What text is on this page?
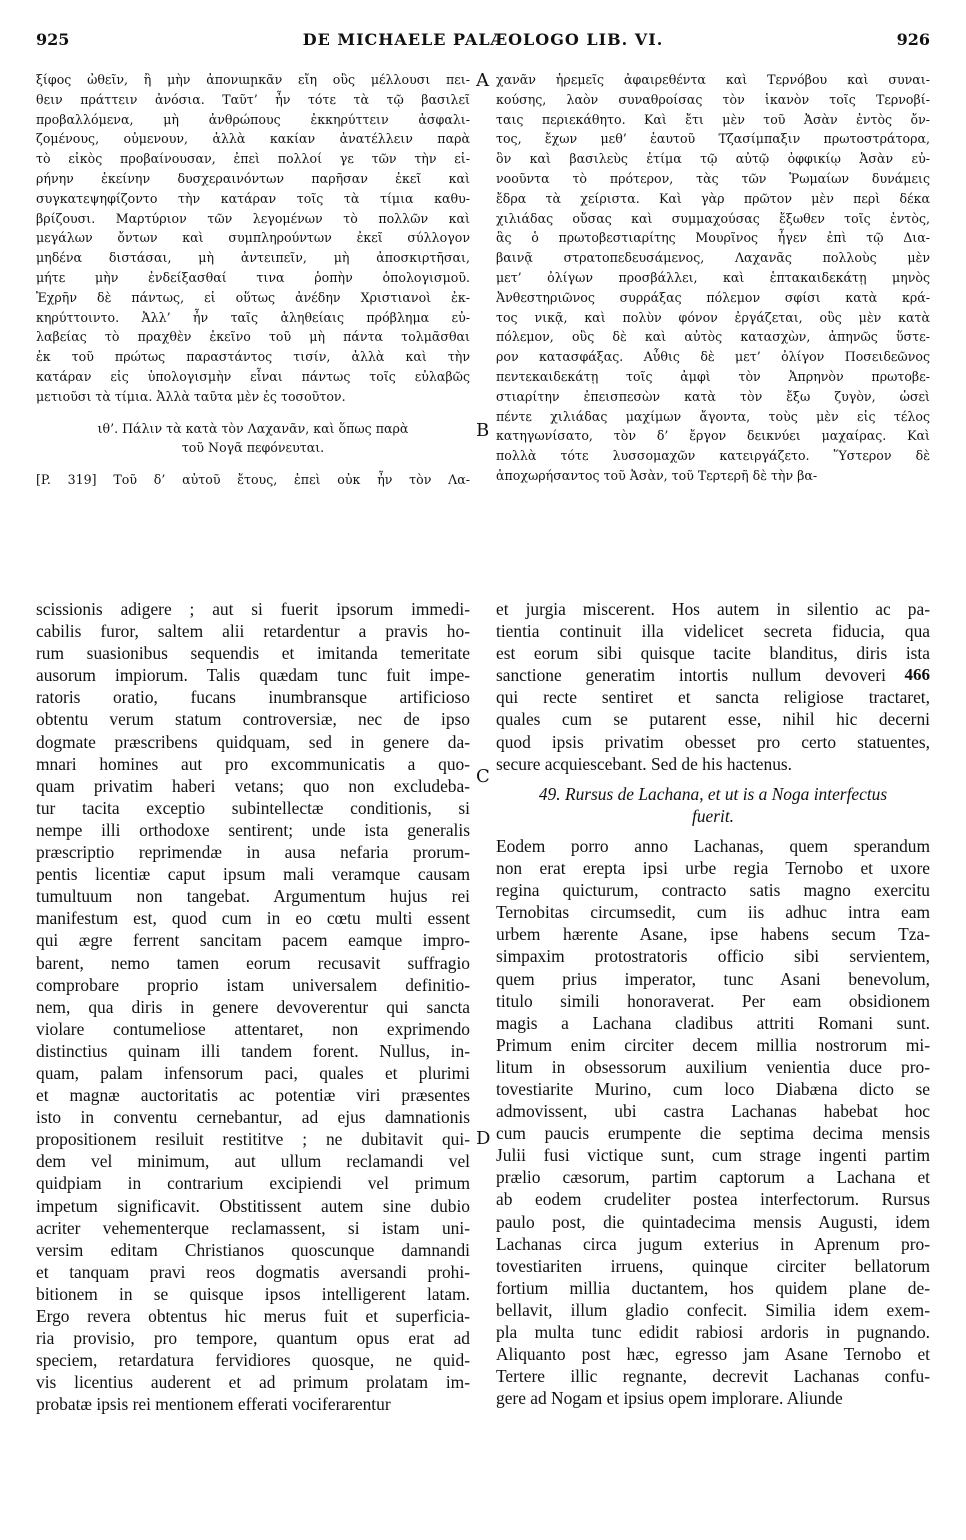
925	DE MICHAELE PALÆOLOGO LIB. VI.	926
ξίφος ὠθεῖν, ἢ μὴν ἀπονարκᾶν εἴη οὓς μέλλουσι πει-
θειν πράττειν ἀνόσια. Ταῦτ’ ἦν τότε τὰ τῷ βασιλεῖ
προβαλλόμενα, μὴ ἀνθρώπους ἐκκηρύττειν ἀσφαλι-
ζομένους, οὐμενουν, ἀλλὰ κακίαν ἀνατέλλειν παρὰ
τὸ εἰκὸς προβαίνουσαν, ἐπεὶ πολλοί γε τῶν τὴν εἰ-
ρήνην ἐκείνην δυσχεραινόντων παρῆσαν ἐκεῖ καὶ
συγκατεψηφίζοντο τὴν κατάραν τοῖς τὰ τίμια καθυ-
βρίζουσι. Μαρτύριον τῶν λεγομένων τὸ πολλῶν καὶ
μεγάλων ὄντων καὶ συμπληρούντων ἐκεῖ σύλλογον
μηδένα διστάσαι, μὴ ἀντειπεῖν, μὴ ἀποσκιρτῆσαι,
μήτε μὴν ἐνδείξασθαί τινα ῥοπὴν ὁπολογισμοῦ.
Ἐχρῆν δὲ πάντως, εἰ οὕτως ἀνέδην Χριστιανοὶ ἐκ-
κηρύττοιντο. Ἀλλ’ ἦν ταῖς ἀληθείαις πρόβλημα εὐ-
λαβείας τὸ πραχθὲν ἐκεῖνο τοῦ μὴ πάντα τολμᾶσθαι
ἐκ τοῦ πρώτως παραστάντος τισίν, ἀλλὰ καὶ τὴν
κατάραν εἰς ὑπολογισμὴν εἶναι πάντως τοῖς εὐλαβῶς
μετιοῦσι τὰ τίμια. Ἀλλὰ ταῦτα μὲν ἐς τοσοῦτον.
ιθ’. Πάλιν τὰ κατὰ τὸν Λαχανᾶν, καὶ ὅπως παρὰ
τοῦ Νογᾶ πεφόνευται.
[P. 319] Τοῦ δ’ αὐτοῦ ἔτους, ἐπεὶ οὐκ ἦν τὸν Λα-
χανᾶν ἡρεμεῖς ἀφαιρεθέντα καὶ Τερνόβου καὶ συναι-
κούσης, λαὸν συναθροίσας τὸν ἱκανὸν τοῖς Τερνοβί-
ταις περιεκάθητο. Καὶ ἔτι μὲν τοῦ Ἀσὰν ἐντὸς ὄν-
τος, ἔχων μεθ’ ἑαυτοῦ Τζασίμπαξιν πρωτοστράτορα,
ὃν καὶ βασιλεὺς ἐτίμα τῷ αὐτῷ ὀφφικίῳ Ἀσὰν εὐ-
νοοῦντα τὸ πρότερον, τὰς τῶν Ῥωμαίων δυνάμεις
ἔδρα τὰ χείριστα. Καὶ γὰρ πρῶτον μὲν περὶ δέκα
χιλιάδας οὔσας καὶ συμμαχούσας ἔξωθεν τοῖς ἐντὸς,
ἃς ὁ πρωτοβεστιαρίτης Μουρῖνος ἦγεν ἐπὶ τῷ Δια-
βαινᾷ στρατοπεδευσάμενος, Λαχανᾶς πολλοὺς μὲν
μετ’ ὀλίγων προσβάλλει, καὶ ἑπτακαιδεκάτῃ μηνὸς
Ἀνθεστηριῶνος συρράξας πόλεμον σφίσι κατὰ κρά-
τος νικᾷ, καὶ πολὺν φόνον ἐργάζεται, οὓς μὲν κατὰ
πόλεμον, οὓς δὲ καὶ αὐτὸς κατασχὼν, ἀπηνῶς ὕστε-
ρον κατασφάξας. Αὖθις δὲ μετ’ ὀλίγον Ποσειδεῶνος
πεντεκαιδεκάτῃ τοῖς ἀμφὶ τὸν Ἀπρηνὸν πρωτοβε-
στιαρίτην ἐπεισπεσὼν κατὰ τὸν ἔξω ζυγὸν, ὡσεὶ
πέντε χιλιάδας μαχίμων ἄγοντα, τοὺς μὲν εἰς τέλος
κατηγωνίσατο, τὸν δ’ ἔργον δεικνύει μαχαίρας. Καὶ
πολλὰ τότε λυσσομαχῶν κατειργάζετο. Ὕστερον δὲ
ἀποχωρήσαντος τοῦ Ἀσὰν, τοῦ Τερτερῆ δὲ τὴν βα-
scissionis adigere ; aut si fuerit ipsorum immedi-
cabilis furor, saltem alii retardentur a pravis ho-
rum suasionibus sequendis et imitanda temeritate
ausorum impiorum. Talis quædam tunc fuit impe-
ratoris oratio, fucans inumbransque artificioso
obtentu verum statum controversiæ, nec de ipso
dogmate præscribens quidquam, sed in genere da-
mnari homines aut pro excommunicatis a quo-
quam privatim haberi vetans; quo non excludeba-
tur tacita exceptio subintellectæ conditionis, si
nempe illi orthodoxe sentirent; unde ista generalis
præscriptio reprimendæ in ausa nefaria prorum-
pentis licentiæ caput ipsum mali veramque causam
tumultuum non tangebat. Argumentum hujus rei
manifestum est, quod cum in eo cœtu multi essent
qui ægre ferrent sancitam pacem eamque impro-
barent, nemo tamen eorum recusavit suffragio
comprobare proprio istam universalem definitio-
nem, qua diris in genere devoverentur qui sancta
violare contumeliose attentaret, non exprimendo
distinctius quinam illi tandem forent. Nullus, in-
quam, palam infensorum paci, quales et plurimi
et magnæ auctoritatis ac potentiæ viri præsentes
isto in conventu cernebantur, ad ejus damnationis
propositionem resiluit restititve ; ne dubitavit qui-
dem vel minimum, aut ullum reclamandi vel
quidpiam in contrarium excipiendi vel primum
impetum significavit. Obstitissent autem sine dubio
acriter vehementerque reclamassent, si istam uni-
versim editam Christianos quoscunque damnandi
et tanquam pravi reos dogmatis aversandi prohi-
bitionem in se quisque ipsos intelligerent latam.
Ergo revera obtentus hic merus fuit et superficia-
ria provisio, pro tempore, quantum opus erat ad
speciem, retardatura fervidiores quosque, ne quid-
vis licentius auderent et ad primum prolatam im-
probatæ ipsis rei mentionem efferati vociferarentur
et jurgia miscerent. Hos autem in silentio ac pa-
tientia continuit illa videlicet secreta fiducia, qua
est eorum sibi quisque tacite blanditus, diris ista
sanctione generatim intortis nullum devoveri
qui recte sentiret et sancta religiose tractaret,
quales cum se putarent esse, nihil hic decerni
quod ipsis privatim obesset pro certo statuentes,
secure acquiescebant. Sed de his hactenus.
49. Rursus de Lachana, et ut is a Noga interfectus
fuerit.
Eodem porro anno Lachanas, quem sperandum
non erat erepta ipsi urbe regia Ternobo et uxore
regina quicturum, contracto satis magno exercitu
Ternobitas circumsedit, cum iis adhuc intra eam
urbem hærente Asane, ipse habens secum Tza-
simpaxim protostratoris officio sibi servientem,
quem prius imperator, tunc Asani benevolum,
titulo simili honoraverat. Per eam obsidionem
magis a Lachana cladibus attriti Romani sunt.
Primum enim circiter decem millia nostrorum mi-
litum in obsessorum auxilium venientia duce pro-
tovestiarite Murino, cum loco Diabæna dicto se
admovissent, ubi castra Lachanas habebat hoc
cum paucis erumpente die septima decima mensis
Julii fusi victique sunt, cum strage ingenti partim
prælio cæsorum, partim captorum a Lachana et
ab eodem crudeliter postea interfectorum. Rursus
paulo post, die quintadecima mensis Augusti, idem
Lachanas circa jugum exterius in Aprenum pro-
tovestiariten irruens, quinque circiter bellatorum
fortium millia ductantem, hos quidem plane de-
bellavit, illum gladio confecit. Similia idem exem-
pla multa tunc edidit rabiosi ardoris in pugnando.
Aliquanto post hæc, egresso jam Asane Ternobo et
Tertere illic regnante, decrevit Lachanas confu-
gere ad Nogam et ipsius opem implorare. Aliunde
466
A
B
C
D
